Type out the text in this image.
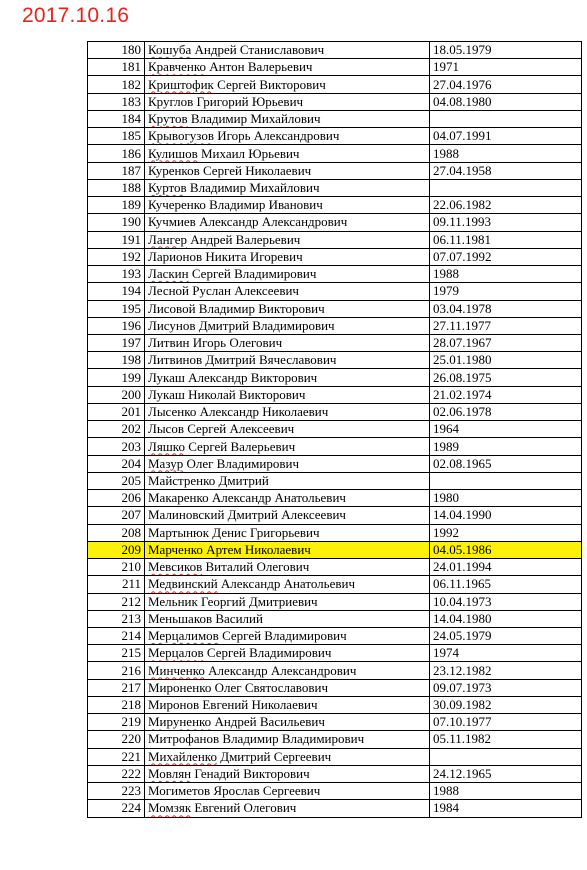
2017.10.16
180	Кошуба Андрей Станиславович	18.05.1979
181	Кравченко Антон Валерьевич	1971
182	Криштофик Сергей Викторович	27.04.1976
183	Круглов Григорий Юрьевич	04.08.1980
184	Крутов Владимир Михайлович	
185	Крывогузов Игорь Александрович	04.07.1991
186	Кулишов Михаил Юрьевич	1988
187	Куренков Сергей Николаевич	27.04.1958
188	Куртов Владимир Михайлович	
189	Кучеренко Владимир Иванович	22.06.1982
190	Кучмиев Александр Александрович	09.11.1993
191	Лангер Андрей Валерьевич	06.11.1981
192	Ларионов Никита Игоревич	07.07.1992
193	Ласкин Сергей Владимирович	1988
194	Лесной Руслан Алексеевич	1979
195	Лисовой Владимир Викторович	03.04.1978
196	Лисунов Дмитрий Владимирович	27.11.1977
197	Литвин Игорь Олегович	28.07.1967
198	Литвинов Дмитрий Вячеславович	25.01.1980
199	Лукаш Александр Викторович	26.08.1975
200	Лукаш Николай Викторович	21.02.1974
201	Лысенко Александр Николаевич	02.06.1978
202	Лысов Сергей Алексеевич	1964
203	Ляшко Сергей Валерьевич	1989
204	Мазур Олег Владимирович	02.08.1965
205	Майстренко Дмитрий	
206	Макаренко Александр Анатольевич	1980
207	Малиновский Дмитрий Алексеевич	14.04.1990
208	Мартынюк Денис Григорьевич	1992
209	Марченко Артем Николаевич	04.05.1986
210	Мевсиков Виталий Олегович	24.01.1994
211	Медвинский Александр Анатольевич	06.11.1965
212	Мельник Георгий Дмитриевич	10.04.1973
213	Меньшаков Василий	14.04.1980
214	Мерцалимов Сергей Владимирович	24.05.1979
215	Мерцалов Сергей Владимирович	1974
216	Минченко Александр Александрович	23.12.1982
217	Мироненко Олег Святославович	09.07.1973
218	Миронов Евгений Николаевич	30.09.1982
219	Мируненко Андрей Васильевич	07.10.1977
220	Митрофанов Владимир Владимирович	05.11.1982
221	Михайленко Дмитрий Сергеевич	
222	Мовлян Генадий Викторович	24.12.1965
223	Могиметов Ярослав Сергеевич	1988
224	Момзяк Евгений Олегович	1984
